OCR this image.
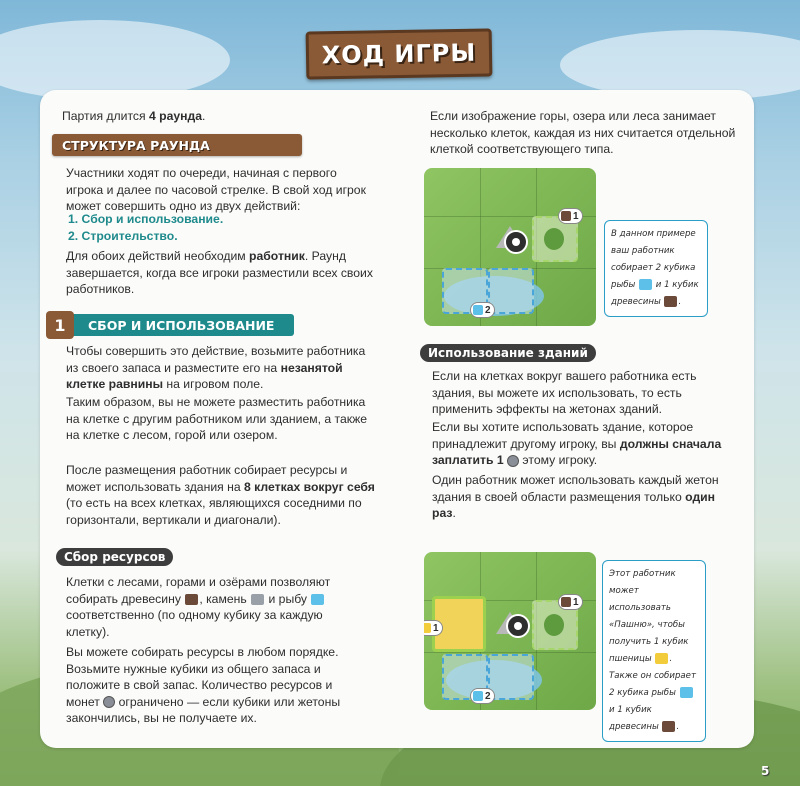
ХОД ИГРЫ
Партия длится 4 раунда.
СТРУКТУРА РАУНДА
Участники ходят по очереди, начиная с первого игрока и далее по часовой стрелке. В свой ход игрок может совершить одно из двух действий:
1. Сбор и использование.
2. Строительство.
Для обоих действий необходим работник. Раунд завершается, когда все игроки разместили всех своих работников.
СБОР И ИСПОЛЬЗОВАНИЕ
1
Чтобы совершить это действие, возьмите работника из своего запаса и разместите его на незанятой клетке равнины на игровом поле.
Таким образом, вы не можете разместить работника на клетке с другим работником или зданием, а также на клетке с лесом, горой или озером.
После размещения работник собирает ресурсы и может использовать здания на 8 клетках вокруг себя (то есть на всех клетках, являющихся соседними по горизонтали, вертикали и диагонали).
Сбор ресурсов
Клетки с лесами, горами и озёрами позволяют собирать древесину , камень  и рыбу  соответственно (по одному кубику за каждую клетку).
Вы можете собирать ресурсы в любом порядке. Возьмите нужные кубики из общего запаса и положите в свой запас. Количество ресурсов и монет  ограничено — если кубики или жетоны закончились, вы не получаете их.
Если изображение горы, озера или леса занимает несколько клеток, каждая из них считается отдельной клеткой соответствующего типа.
1
2
В данном примере ваш работник собирает 2 кубика рыбы  и 1 кубик древесины .
Использование зданий
Если на клетках вокруг вашего работника есть здания, вы можете их использовать, то есть применить эффекты на жетонах зданий.
Если вы хотите использовать здание, которое принадлежит другому игроку, вы должны сначала заплатить 1  этому игроку.
Один работник может использовать каждый жетон здания в своей области размещения только один раз.
1
1
2
Этот работник может использовать «Пашню», чтобы получить 1 кубик пшеницы . Также он собирает 2 кубика рыбы  и 1 кубик древесины .
5
